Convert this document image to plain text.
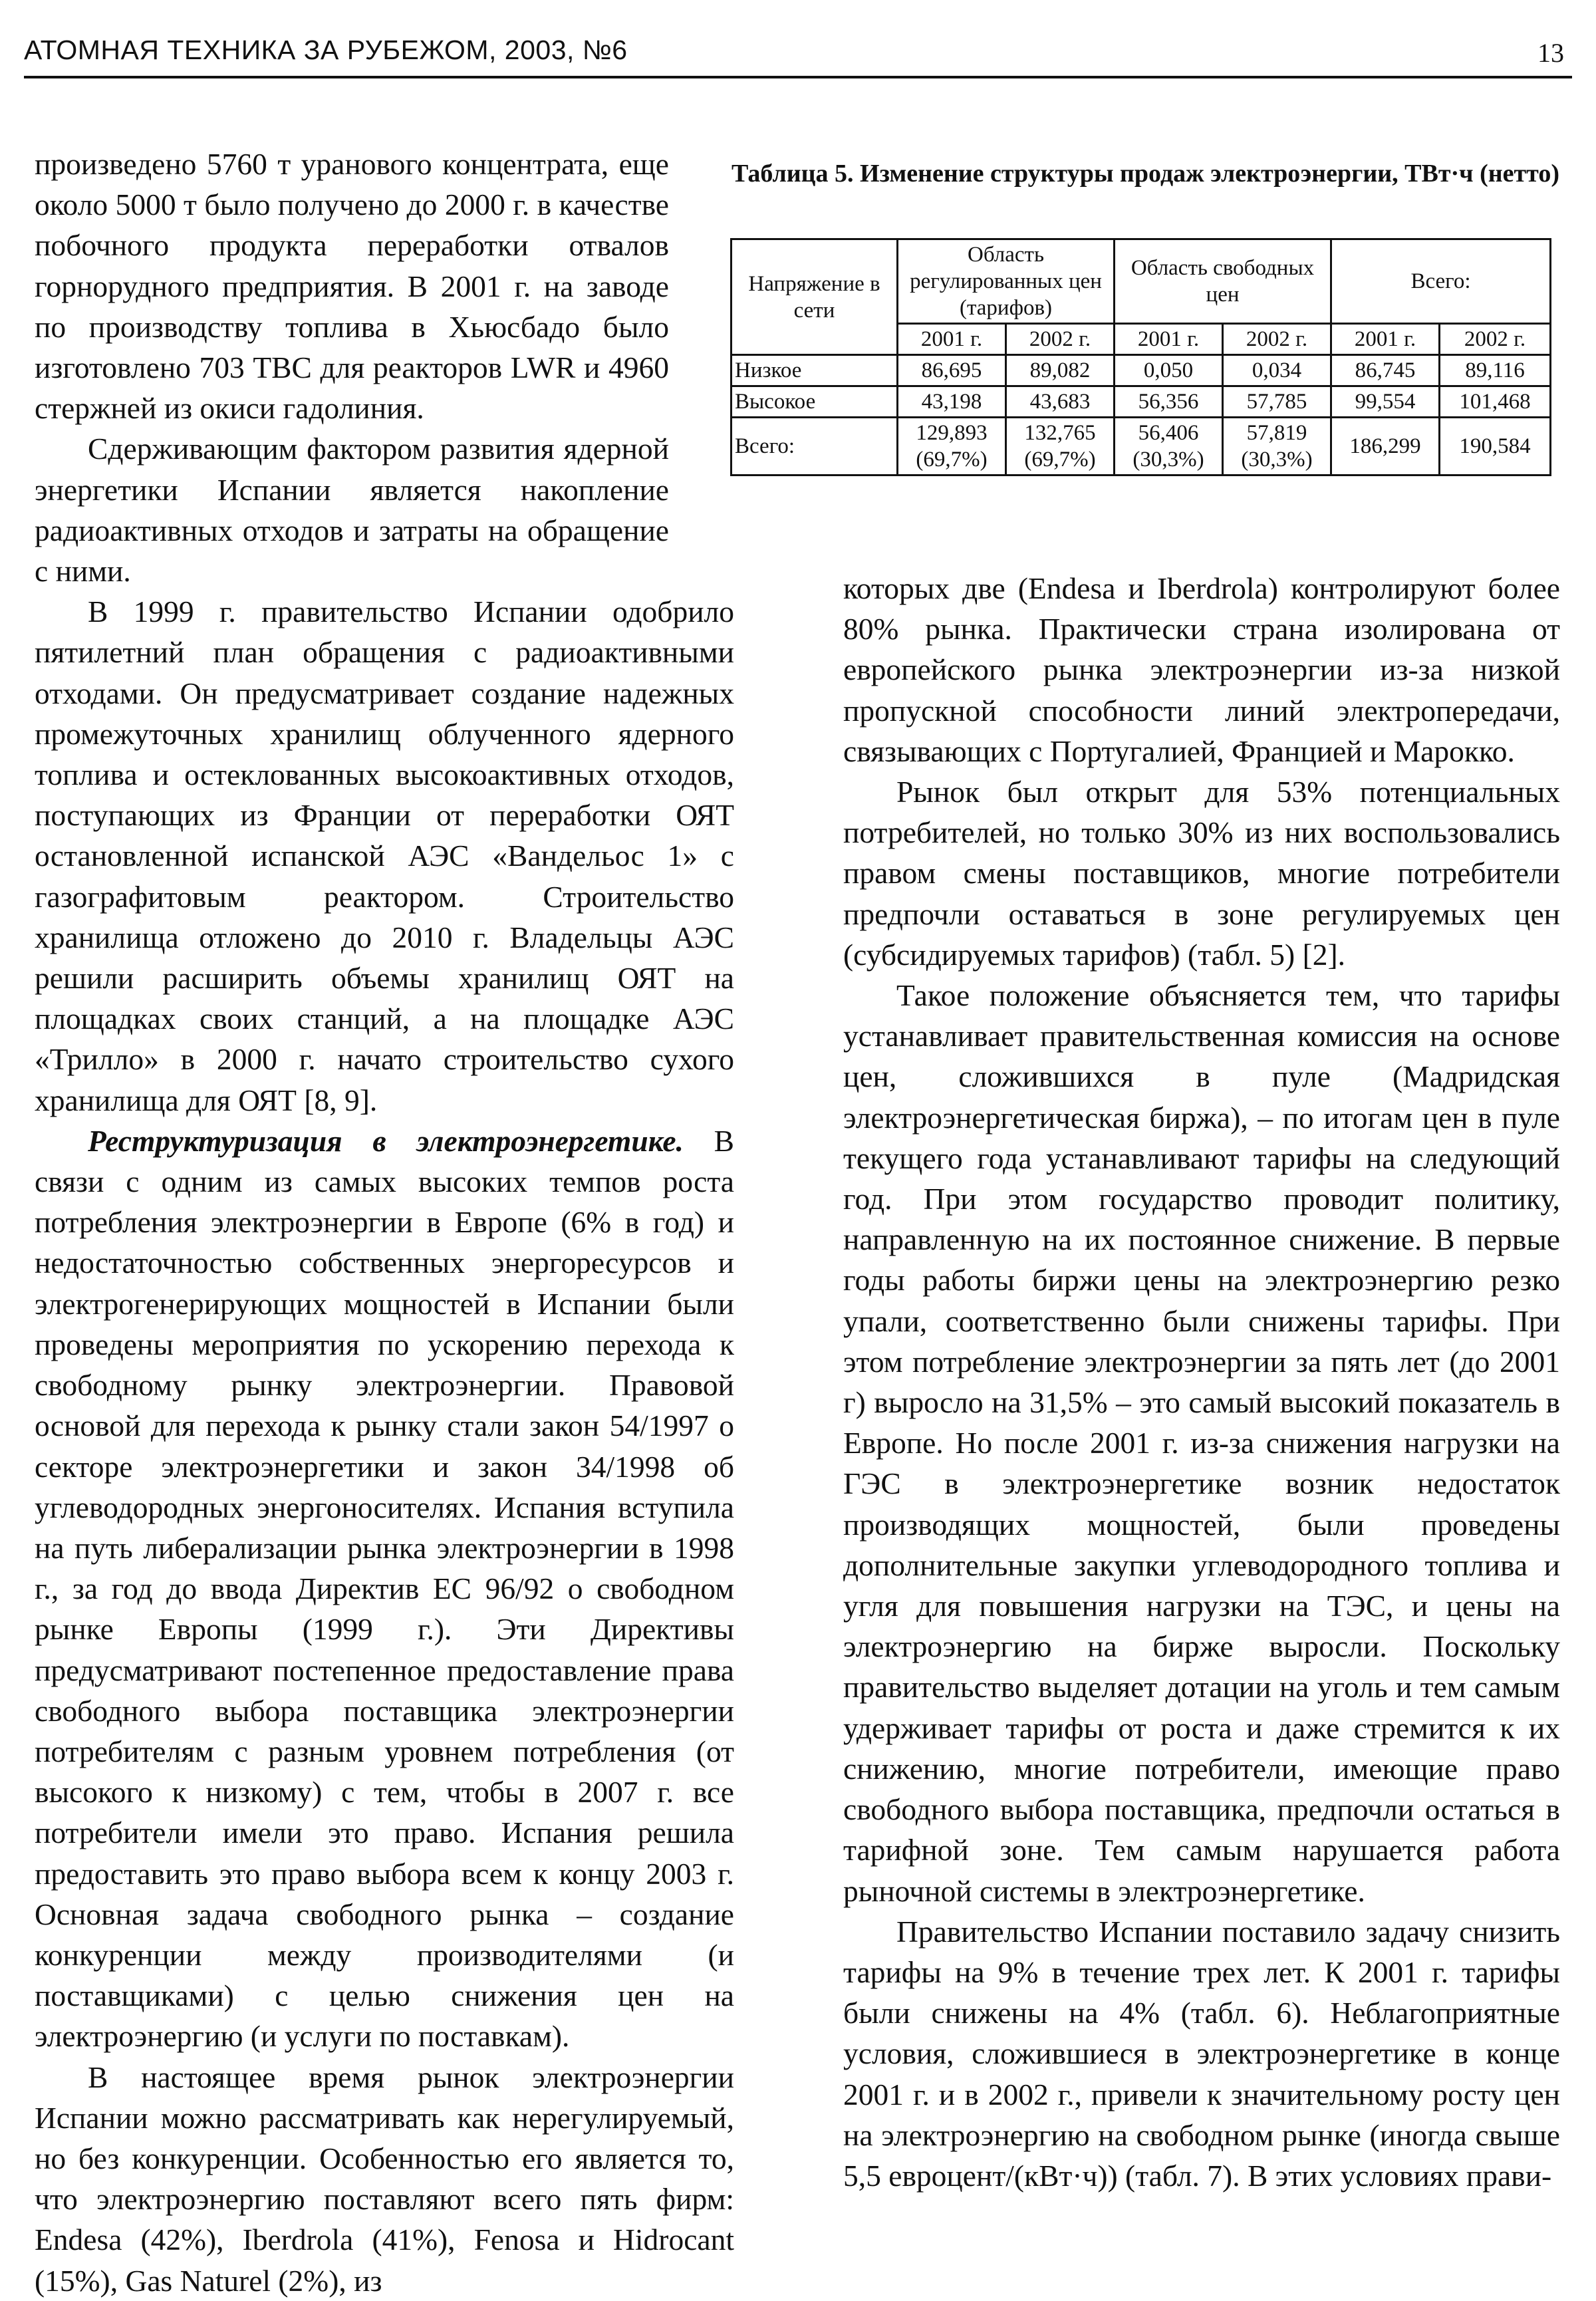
АТОМНАЯ ТЕХНИКА ЗА РУБЕЖОМ, 2003, №6	13

произведено 5760 т уранового концентрата, еще около 5000 т было получено до 2000 г. в качестве побочного продукта переработки отвалов горнорудного предприятия. В 2001 г. на заводе по производству топлива в Хьюсбадо было изготовлено 703 ТВС для реакторов LWR и 4960 стержней из окиси гадолиния.

Сдерживающим фактором развития ядерной энергетики Испании является накопление радиоактивных отходов и затраты на обращение с ними.

В 1999 г. правительство Испании одобрило пятилетний план обращения с радиоактивными отходами. Он предусматривает создание надежных промежуточных хранилищ облученного ядерного топлива и остеклованных высокоактивных отходов, поступающих из Франции от переработки ОЯТ остановленной испанской АЭС «Вандельос 1» с газографитовым реактором. Строительство хранилища отложено до 2010 г. Владельцы АЭС решили расширить объемы хранилищ ОЯТ на площадках своих станций, а на площадке АЭС «Трилло» в 2000 г. начато строительство сухого хранилища для ОЯТ [8, 9].

Реструктуризация в электроэнергетике. В связи с одним из самых высоких темпов роста потребления электроэнергии в Европе (6% в год) и недостаточностью собственных энергоресурсов и электрогенерирующих мощностей в Испании были проведены мероприятия по ускорению перехода к свободному рынку электроэнергии. Правовой основой для перехода к рынку стали закон 54/1997 о секторе электроэнергетики и закон 34/1998 об углеводородных энергоносителях. Испания вступила на путь либерализации рынка электроэнергии в 1998 г., за год до ввода Директив ЕС 96/92 о свободном рынке Европы (1999 г.). Эти Директивы предусматривают постепенное предоставление права свободного выбора поставщика электроэнергии потребителям с разным уровнем потребления (от высокого к низкому) с тем, чтобы в 2007 г. все потребители имели это право. Испания решила предоставить это право выбора всем к концу 2003 г. Основная задача свободного рынка – создание конкуренции между производителями (и поставщиками) с целью снижения цен на электроэнергию (и услуги по поставкам).

В настоящее время рынок электроэнергии Испании можно рассматривать как нерегулируемый, но без конкуренции. Особенностью его является то, что электроэнергию поставляют всего пять фирм: Endesa (42%), Iberdrola (41%), Fenosa и Hidrocant (15%), Gas Naturel (2%), из

Таблица 5. Изменение структуры продаж электроэнергии, ТВт·ч (нетто)
Напряжение в сети	Область регулированных цен (тарифов)		Область свободных цен		Всего:	
	2001 г.	2002 г.	2001 г.	2002 г.	2001 г.	2002 г.
Низкое	86,695	89,082	0,050	0,034	86,745	89,116
Высокое	43,198	43,683	56,356	57,785	99,554	101,468
Всего:	129,893 (69,7%)	132,765 (69,7%)	56,406 (30,3%)	57,819 (30,3%)	186,299	190,584

которых две (Endesa и Iberdrola) контролируют более 80% рынка. Практически страна изолирована от европейского рынка электроэнергии из-за низкой пропускной способности линий электропередачи, связывающих с Португалией, Францией и Марокко.

Рынок был открыт для 53% потенциальных потребителей, но только 30% из них воспользовались правом смены поставщиков, многие потребители предпочли оставаться в зоне регулируемых цен (субсидируемых тарифов) (табл. 5) [2].

Такое положение объясняется тем, что тарифы устанавливает правительственная комиссия на основе цен, сложившихся в пуле (Мадридская электроэнергетическая биржа), – по итогам цен в пуле текущего года устанавливают тарифы на следующий год. При этом государство проводит политику, направленную на их постоянное снижение. В первые годы работы биржи цены на электроэнергию резко упали, соответственно были снижены тарифы. При этом потребление электроэнергии за пять лет (до 2001 г) выросло на 31,5% – это самый высокий показатель в Европе. Но после 2001 г. из-за снижения нагрузки на ГЭС в электроэнергетике возник недостаток производящих мощностей, были проведены дополнительные закупки углеводородного топлива и угля для повышения нагрузки на ТЭС, и цены на электроэнергию на бирже выросли. Поскольку правительство выделяет дотации на уголь и тем самым удерживает тарифы от роста и даже стремится к их снижению, многие потребители, имеющие право свободного выбора поставщика, предпочли остаться в тарифной зоне. Тем самым нарушается работа рыночной системы в электроэнергетике.

Правительство Испании поставило задачу снизить тарифы на 9% в течение трех лет. К 2001 г. тарифы были снижены на 4% (табл. 6). Неблагоприятные условия, сложившиеся в электроэнергетике в конце 2001 г. и в 2002 г., привели к значительному росту цен на электроэнергию на свободном рынке (иногда свыше 5,5 евроцент/(кВт·ч)) (табл. 7). В этих условиях прави-
